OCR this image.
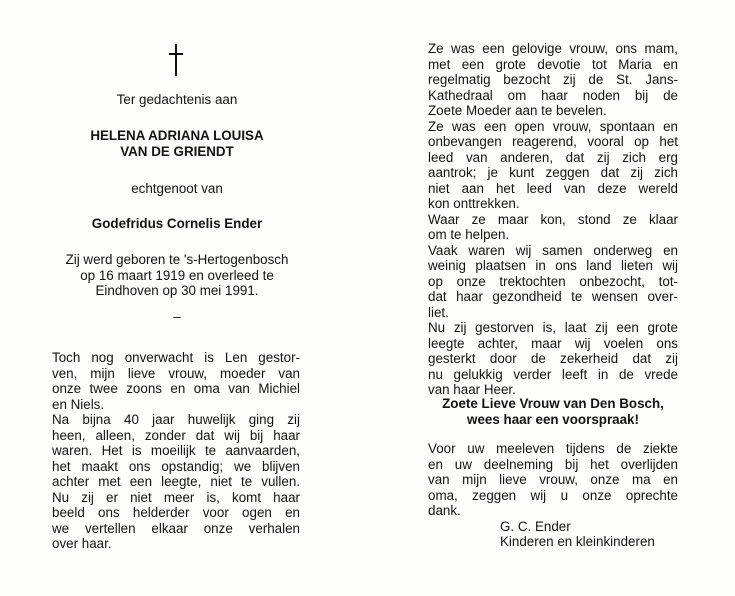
Ter gedachtenis aan
HELENA ADRIANA LOUISA
VAN DE GRIENDT
echtgenoot van
Godefridus Cornelis Ender
Zij werd geboren te 's-Hertogenbosch
op 16 maart 1919 en overleed te
Eindhoven op 30 mei 1991.
–
Toch nog onverwacht is Len gestor-
ven, mijn lieve vrouw, moeder van
onze twee zoons en oma van Michiel
en Niels.
Na bijna 40 jaar huwelijk ging zij
heen, alleen, zonder dat wij bij haar
waren. Het is moeilijk te aanvaarden,
het maakt ons opstandig; we blijven
achter met een leegte, niet te vullen.
Nu zij er niet meer is, komt haar
beeld ons helderder voor ogen en
we vertellen elkaar onze verhalen
over haar.
Ze was een gelovige vrouw, ons mam,
met een grote devotie tot Maria en
regelmatig bezocht zij de St. Jans-
Kathedraal om haar noden bij de
Zoete Moeder aan te bevelen.
Ze was een open vrouw, spontaan en
onbevangen reagerend, vooral op het
leed van anderen, dat zij zich erg
aantrok; je kunt zeggen dat zij zich
niet aan het leed van deze wereld
kon onttrekken.
Waar ze maar kon, stond ze klaar
om te helpen.
Vaak waren wij samen onderweg en
weinig plaatsen in ons land lieten wij
op onze trektochten onbezocht, tot-
dat haar gezondheid te wensen over-
liet.
Nu zij gestorven is, laat zij een grote
leegte achter, maar wij voelen ons
gesterkt door de zekerheid dat zij
nu gelukkig verder leeft in de vrede
van haar Heer.
Zoete Lieve Vrouw van Den Bosch,
wees haar een voorspraak!
Voor uw meeleven tijdens de ziekte
en uw deelneming bij het overlijden
van mijn lieve vrouw, onze ma en
oma, zeggen wij u onze oprechte
dank.
G. C. Ender
Kinderen en kleinkinderen
